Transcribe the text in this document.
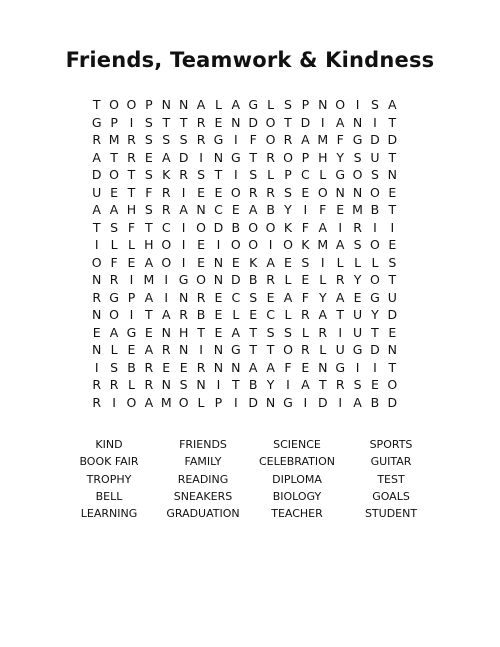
Friends, Teamwork & Kindness
T O O P N N A L A G L S P N O I S A
G P I S T T R E N D O T D I A N I T
R M R S S S R G I F O R A M F G D D
A T R E A D I N G T R O P H Y S U T
D O T S K R S T I S L P C L G O S N
U E T F R I E E O R R S E O N N O E
A A H S R A N C E A B Y I F E M B T
T S F T C I O D B O O K F A I R I	I
I L L H O I E I O O I O K M A S O E
O F E A O I E N E K A E S I L L L S
N R I M I G O N D B R L E L R Y O T
R G P A I N R E C S E A F Y A E G U
N O I T A R B E L E C L R A T U Y D
E A G E N H T E A T S S L R I U T E
N L E A R N I N G T T O R L U G D N
I S B R E E R N N A A F E N G I	I T
R R L R N S N I T B Y I A T R S E O
R I O A M O L P I D N G I D I A B D
KIND	FRIENDS	SCIENCE	SPORTS
BOOK FAIR	FAMILY	CELEBRATION	GUITAR
TROPHY	READING	DIPLOMA	TEST
BELL	SNEAKERS	BIOLOGY	GOALS
LEARNING	GRADUATION	TEACHER	STUDENT
